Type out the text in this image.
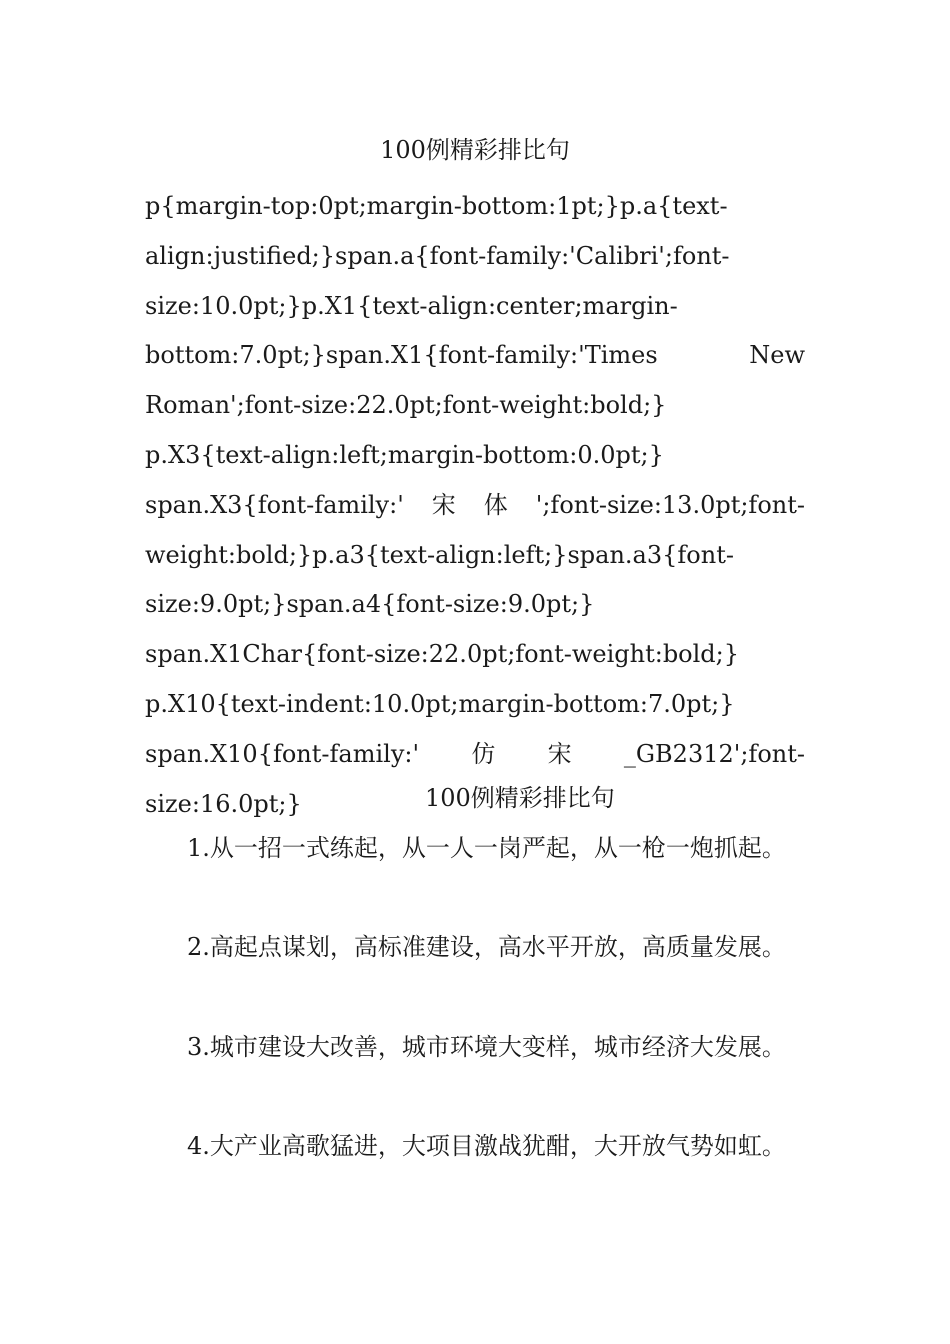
100例精彩排比句

p{margin-top:0pt;margin-bottom:1pt;}p.a{text-
align:justified;}span.a{font-family:'Calibri';font-
size:10.0pt;}p.X1{text-align:center;margin-
bottom:7.0pt;}span.X1{font-family:'Times	New
Roman';font-size:22.0pt;font-weight:bold;}
p.X3{text-align:left;margin-bottom:0.0pt;}
span.X3{font-family:' 宋 体 ';font-size:13.0pt;font-
weight:bold;}p.a3{text-align:left;}span.a3{font-
size:9.0pt;}span.a4{font-size:9.0pt;}
span.X1Char{font-size:22.0pt;font-weight:bold;}
p.X10{text-indent:10.0pt;margin-bottom:7.0pt;}
span.X10{font-family:' 仿 宋 _GB2312';font-
size:16.0pt;}	100例精彩排比句

1.从一招一式练起，从一人一岗严起，从一枪一炮抓起。

2.高起点谋划，高标准建设，高水平开放，高质量发展。

3.城市建设大改善，城市环境大变样，城市经济大发展。

4.大产业高歌猛进，大项目激战犹酣，大开放气势如虹。
